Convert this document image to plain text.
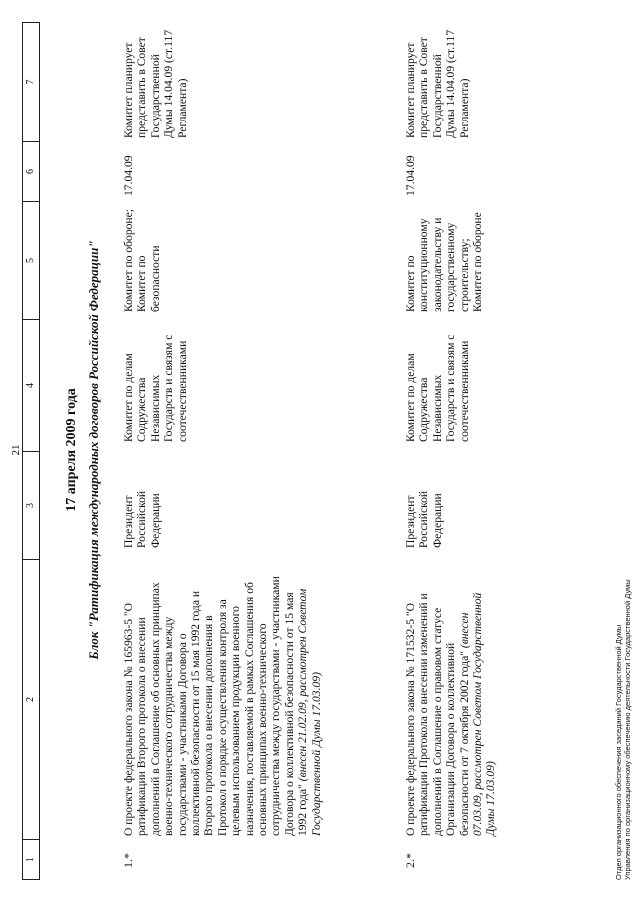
21
1
2
3
4
5
6
7
17 апреля 2009 года Блок "Ратификация международных договоров Российской Федерации"
1.*
О проекте федерального закона № 165963-5 "О ратификации Второго протокола о внесении дополнений в Соглашение об основных принципах военно-технического сотрудничества между государствами - участниками Договора о коллективной безопасности от 15 мая 1992 года и Второго протокола о внесении дополнения в Протокол о порядке осуществления контроля за целевым использованием продукции военного назначения, поставляемой в рамках Соглашения об основных принципах военно-технического сотрудничества между государствами - участниками Договора о коллективной безопасности от 15 мая 1992 года" (внесен 21.02.09, рассмотрен Советом Государственной Думы 17.03.09)
Президент Российской Федерации
Комитет по делам Содружества Независимых Государств и связям с соотечественниками
Комитет по обороне; Комитет по безопасности
17.04.09
Комитет планирует представить в Совет Государственной Думы 14.04.09 (ст.117 Регламента)
2.*
О проекте федерального закона № 171532-5 "О ратификации Протокола о внесении изменений и дополнений в Соглашение о правовом статусе Организации Договора о коллективной безопасности от 7 октября 2002 года" (внесен 07.03.09, рассмотрен Советом Государственной Думы 17.03.09)
Президент Российской Федерации
Комитет по делам Содружества Независимых Государств и связям с соотечественниками
Комитет по конституционному законодательству и государственному строительству; Комитет по обороне
17.04.09
Комитет планирует представить в Совет Государственной Думы 14.04.09 (ст.117 Регламента)
Отдел организационного обеспечения заседаний Государственной Думы Управления по организационному обеспечению деятельности Государственной Думы
